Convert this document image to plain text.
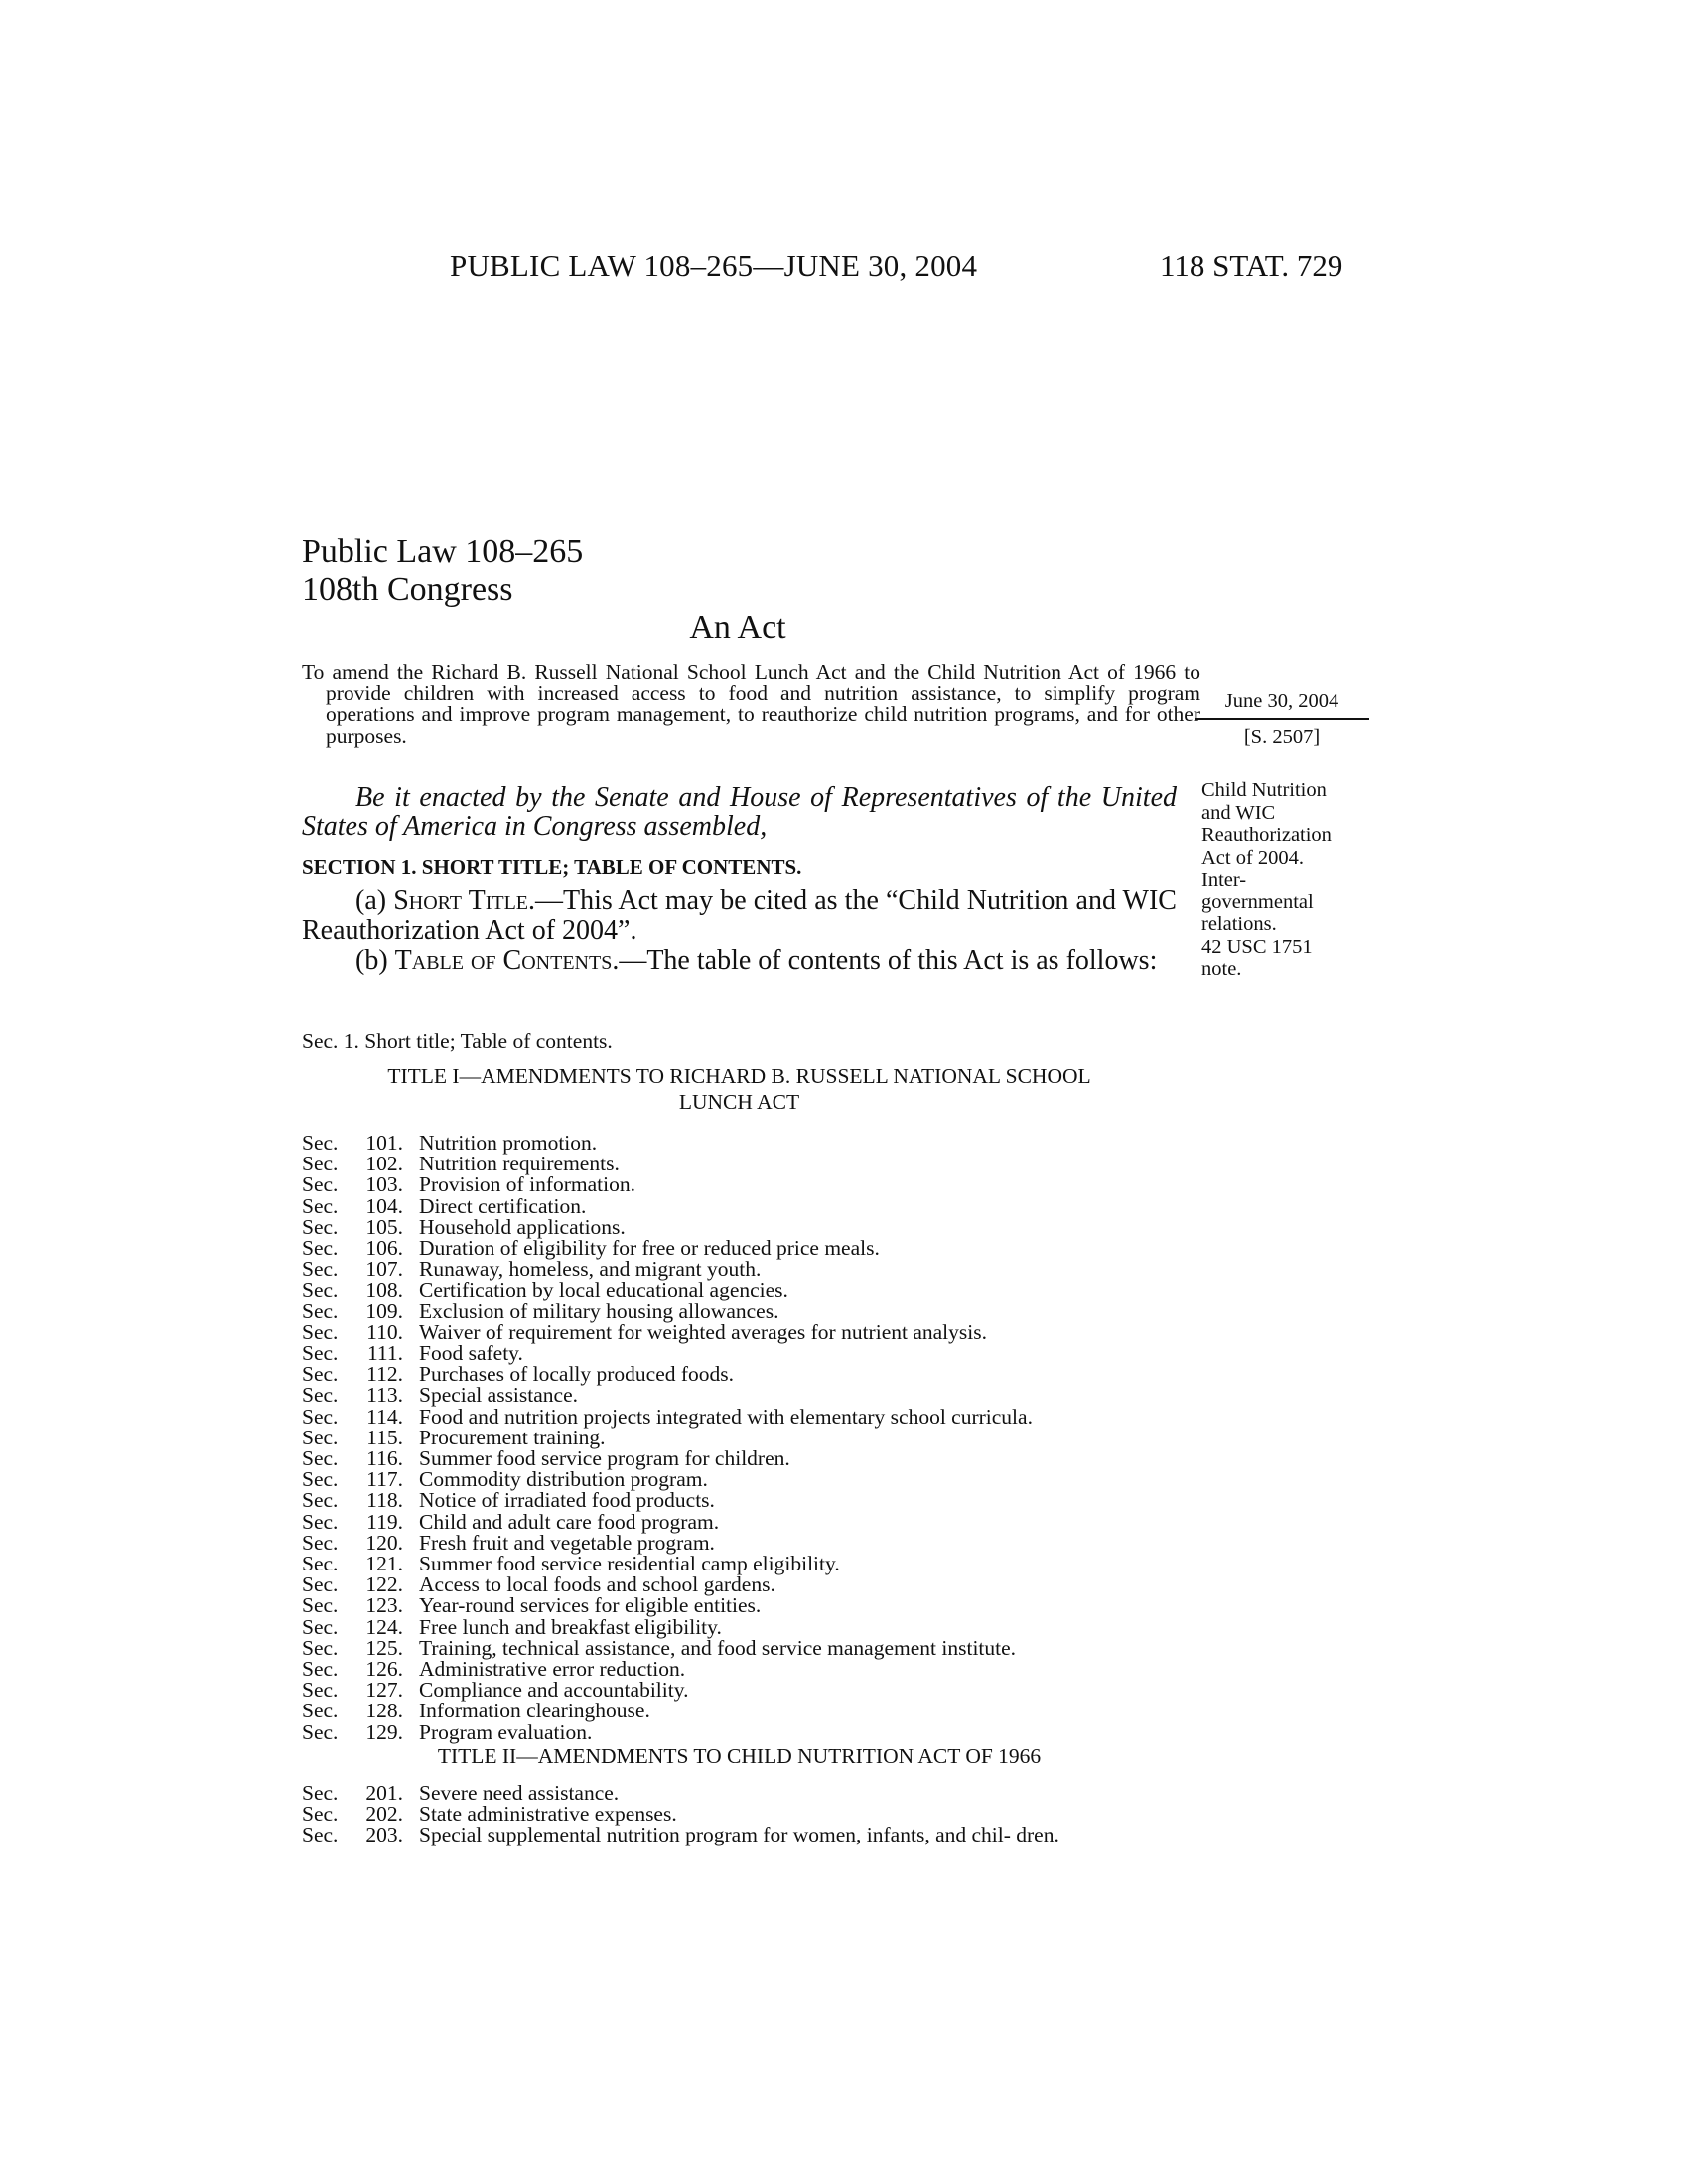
PUBLIC LAW 108–265—JUNE 30, 2004	118 STAT. 729
Public Law 108–265
108th Congress
An Act
To amend the Richard B. Russell National School Lunch Act and the Child Nutrition Act of 1966 to provide children with increased access to food and nutrition assistance, to simplify program operations and improve program management, to reauthorize child nutrition programs, and for other purposes.
June 30, 2004
[S. 2507]
Child Nutrition
and WIC
Reauthorization
Act of 2004.
Inter-
governmental
relations.
42 USC 1751
note.
Be it enacted by the Senate and House of Representatives of the United States of America in Congress assembled,
SECTION 1. SHORT TITLE; TABLE OF CONTENTS.

(a) Short Title.—This Act may be cited as the “Child Nutrition and WIC Reauthorization Act of 2004”.

(b) Table of Contents.—The table of contents of this Act is as follows:

Sec. 1. Short title; Table of contents.
TITLE I—AMENDMENTS TO RICHARD B. RUSSELL NATIONAL SCHOOL LUNCH ACT
Sec.	101. Nutrition promotion.
Sec.	102. Nutrition requirements.
Sec.	103. Provision of information.
Sec.	104. Direct certification.
Sec.	105. Household applications.
Sec.	106. Duration of eligibility for free or reduced price meals.
Sec.	107. Runaway, homeless, and migrant youth.
Sec.	108. Certification by local educational agencies.
Sec.	109. Exclusion of military housing allowances.
Sec.	110. Waiver of requirement for weighted averages for nutrient analysis.
Sec.	111. Food safety.
Sec.	112. Purchases of locally produced foods.
Sec.	113. Special assistance.
Sec.	114. Food and nutrition projects integrated with elementary school curricula.
Sec.	115. Procurement training.
Sec.	116. Summer food service program for children.
Sec.	117. Commodity distribution program.
Sec.	118. Notice of irradiated food products.
Sec.	119. Child and adult care food program.
Sec.	120. Fresh fruit and vegetable program.
Sec.	121. Summer food service residential camp eligibility.
Sec.	122. Access to local foods and school gardens.
Sec.	123. Year-round services for eligible entities.
Sec.	124. Free lunch and breakfast eligibility.
Sec.	125. Training, technical assistance, and food service management institute.
Sec.	126. Administrative error reduction.
Sec.	127. Compliance and accountability.
Sec.	128. Information clearinghouse.
Sec.	129. Program evaluation.
TITLE II—AMENDMENTS TO CHILD NUTRITION ACT OF 1966
Sec.	201. Severe need assistance.
Sec.	202. State administrative expenses.
Sec.	203. Special supplemental nutrition program for women, infants, and chil- dren.
